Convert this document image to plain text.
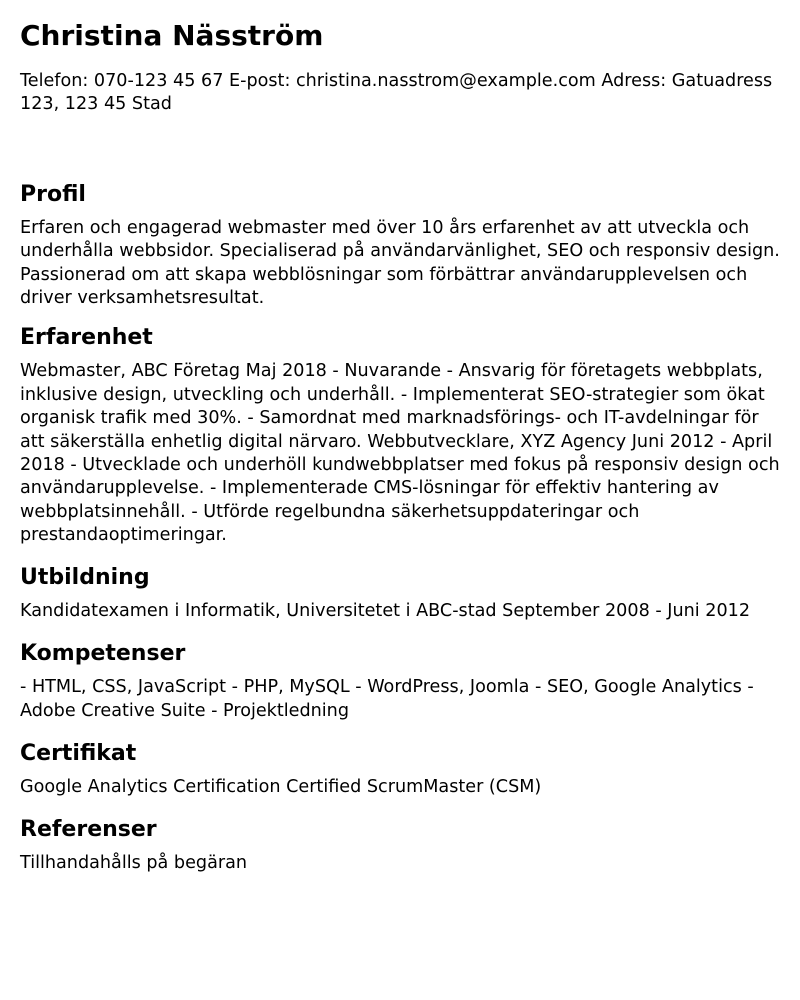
Christina Näsström

Telefon: 070-123 45 67 E-post: christina.nasstrom@example.com Adress: Gatuadress 123, 123 45 Stad

Profil

Erfaren och engagerad webmaster med över 10 års erfarenhet av att utveckla och underhålla webbsidor. Specialiserad på användarvänlighet, SEO och responsiv design. Passionerad om att skapa webblösningar som förbättrar användarupplevelsen och driver verksamhetsresultat.

Erfarenhet

Webmaster, ABC Företag Maj 2018 - Nuvarande - Ansvarig för företagets webbplats, inklusive design, utveckling och underhåll. - Implementerat SEO-strategier som ökat organisk trafik med 30%. - Samordnat med marknadsförings- och IT-avdelningar för att säkerställa enhetlig digital närvaro. Webbutvecklare, XYZ Agency Juni 2012 - April 2018 - Utvecklade och underhöll kundwebbplatser med fokus på responsiv design och användarupplevelse. - Implementerade CMS-lösningar för effektiv hantering av webbplatsinnehåll. - Utförde regelbundna säkerhetsuppdateringar och prestandaoptimeringar.

Utbildning

Kandidatexamen i Informatik, Universitetet i ABC-stad September 2008 - Juni 2012

Kompetenser

- HTML, CSS, JavaScript - PHP, MySQL - WordPress, Joomla - SEO, Google Analytics - Adobe Creative Suite - Projektledning

Certifikat

Google Analytics Certification Certified ScrumMaster (CSM)

Referenser

Tillhandahålls på begäran
